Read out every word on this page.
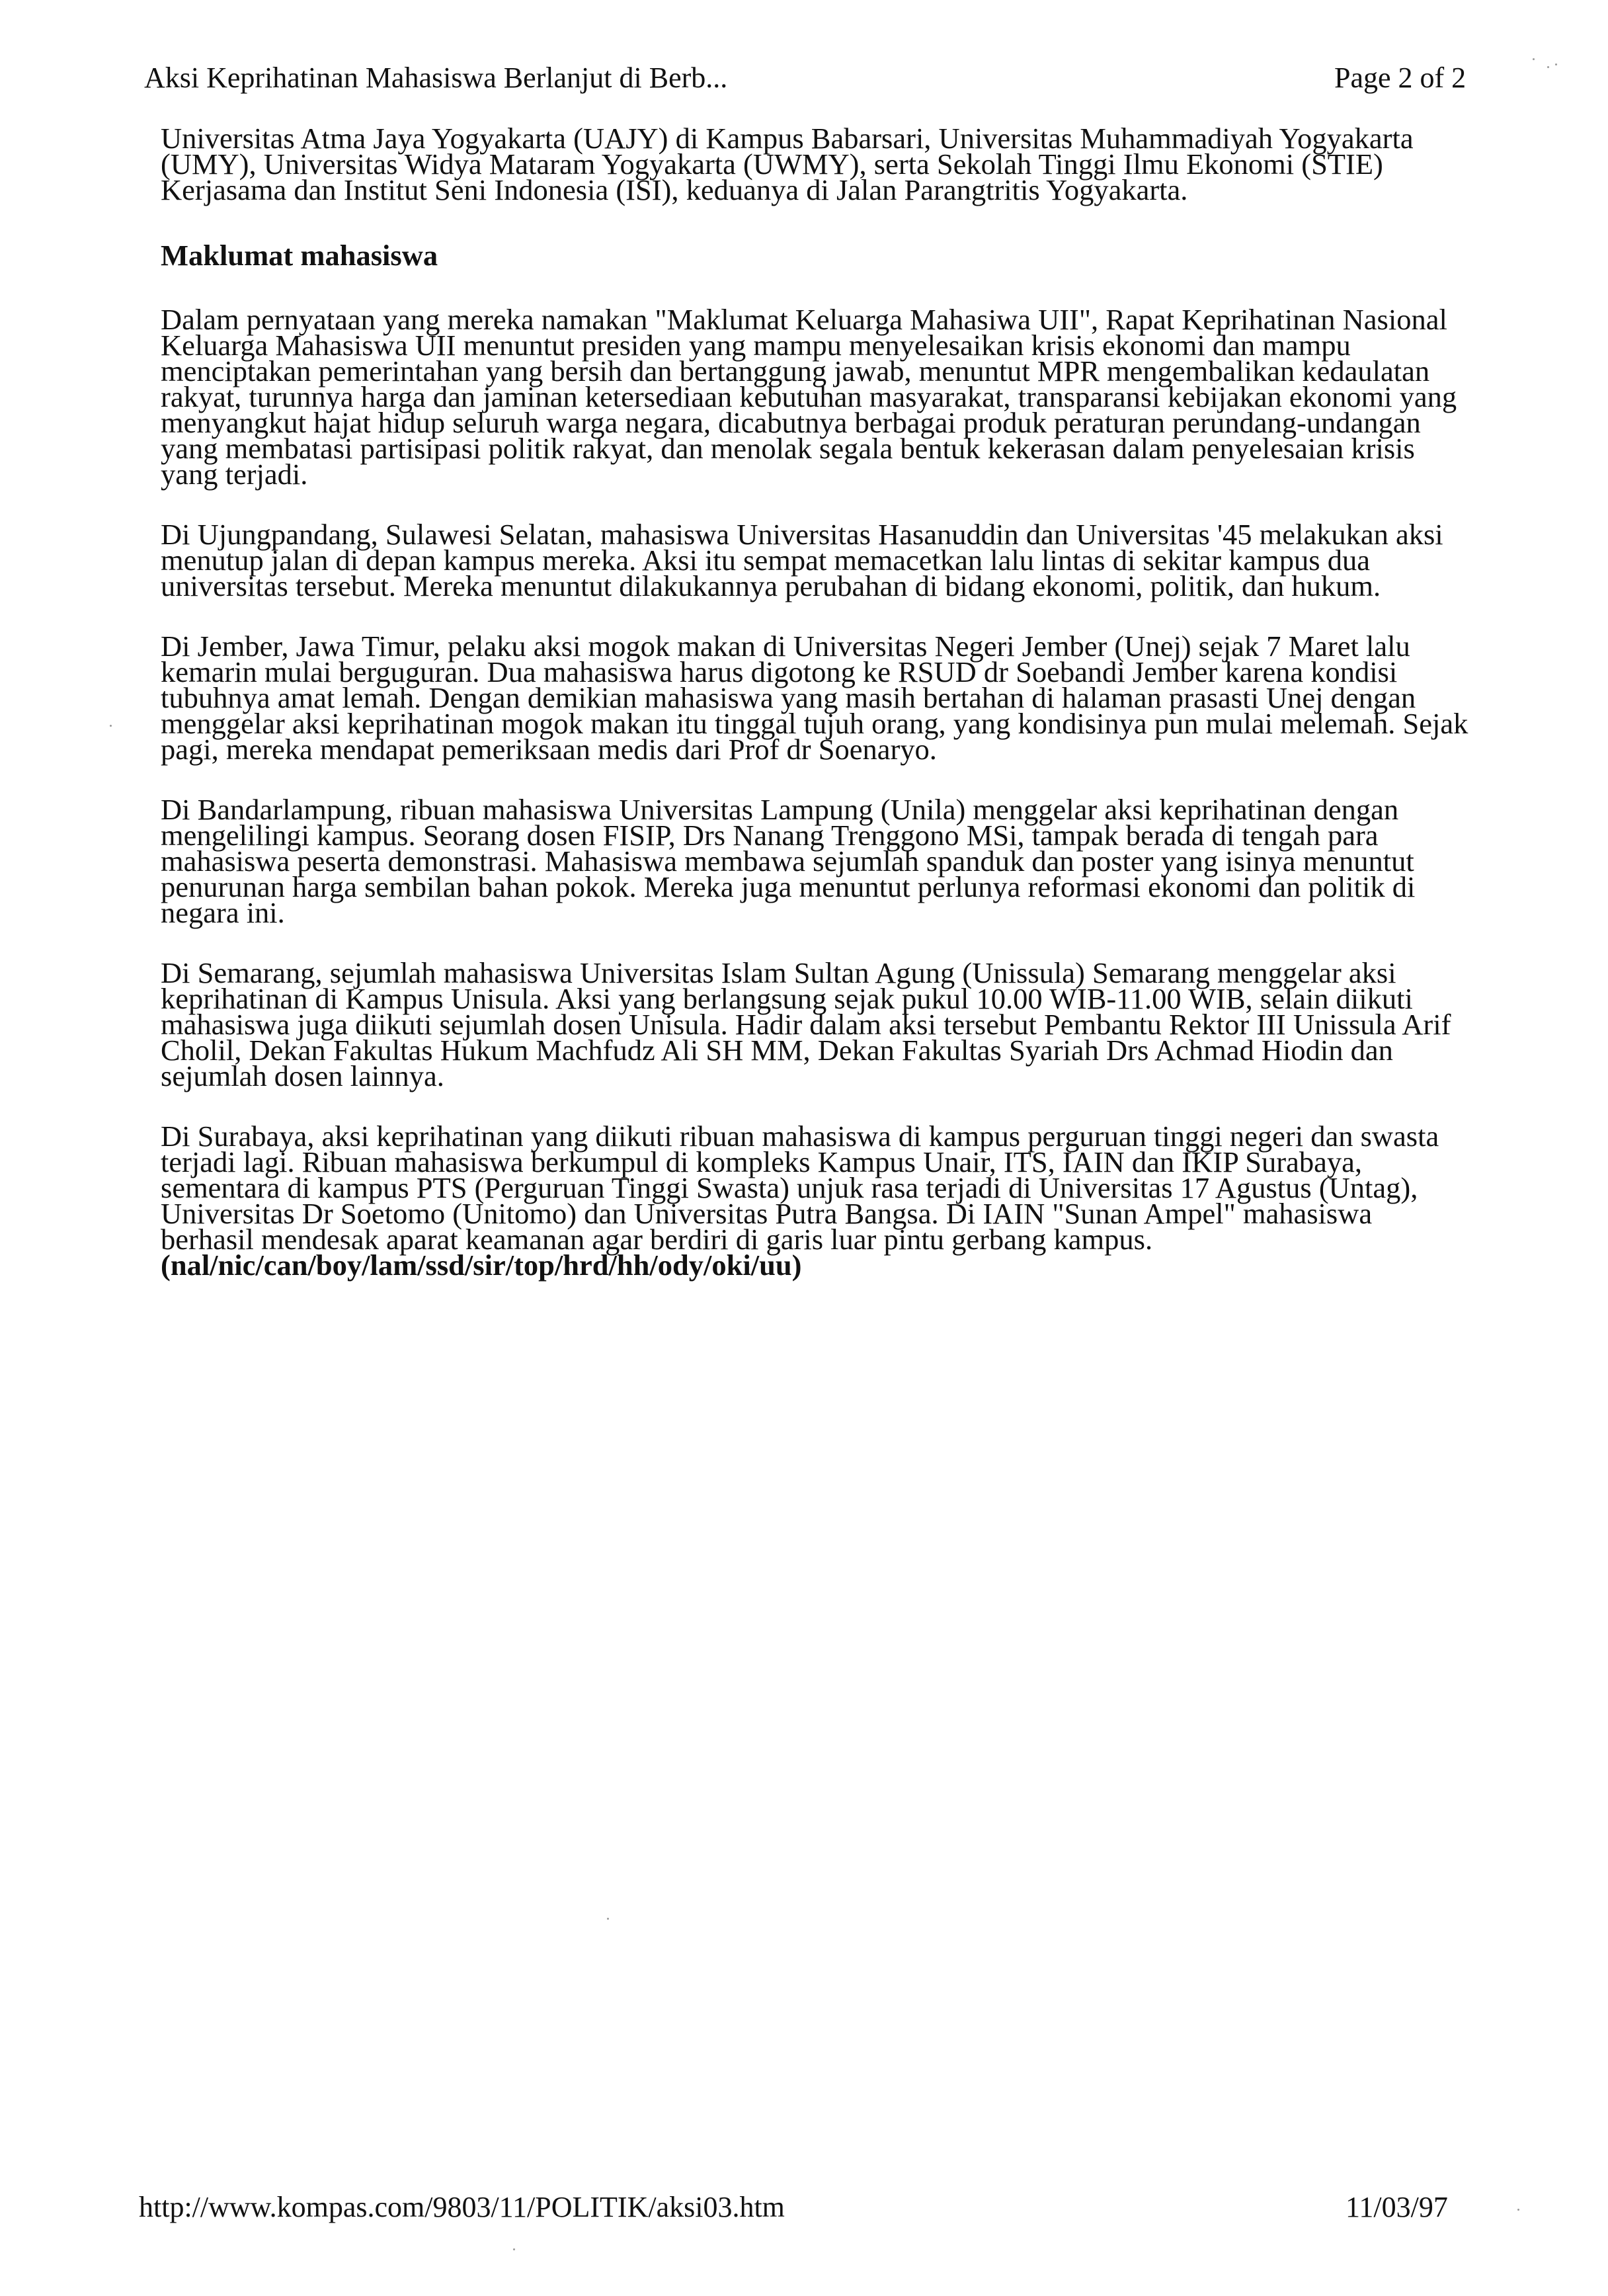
Aksi Keprihatinan Mahasiswa Berlanjut di Berb...	Page 2 of 2

Universitas Atma Jaya Yogyakarta (UAJY) di Kampus Babarsari, Universitas Muhammadiyah Yogyakarta (UMY), Universitas Widya Mataram Yogyakarta (UWMY), serta Sekolah Tinggi Ilmu Ekonomi (STIE) Kerjasama dan Institut Seni Indonesia (ISI), keduanya di Jalan Parangtritis Yogyakarta.

Maklumat mahasiswa

Dalam pernyataan yang mereka namakan "Maklumat Keluarga Mahasiwa UII", Rapat Keprihatinan Nasional Keluarga Mahasiswa UII menuntut presiden yang mampu menyelesaikan krisis ekonomi dan mampu menciptakan pemerintahan yang bersih dan bertanggung jawab, menuntut MPR mengembalikan kedaulatan rakyat, turunnya harga dan jaminan ketersediaan kebutuhan masyarakat, transparansi kebijakan ekonomi yang menyangkut hajat hidup seluruh warga negara, dicabutnya berbagai produk peraturan perundang-undangan yang membatasi partisipasi politik rakyat, dan menolak segala bentuk kekerasan dalam penyelesaian krisis yang terjadi.

Di Ujungpandang, Sulawesi Selatan, mahasiswa Universitas Hasanuddin dan Universitas '45 melakukan aksi menutup jalan di depan kampus mereka. Aksi itu sempat memacetkan lalu lintas di sekitar kampus dua universitas tersebut. Mereka menuntut dilakukannya perubahan di bidang ekonomi, politik, dan hukum.

Di Jember, Jawa Timur, pelaku aksi mogok makan di Universitas Negeri Jember (Unej) sejak 7 Maret lalu kemarin mulai berguguran. Dua mahasiswa harus digotong ke RSUD dr Soebandi Jember karena kondisi tubuhnya amat lemah. Dengan demikian mahasiswa yang masih bertahan di halaman prasasti Unej dengan menggelar aksi keprihatinan mogok makan itu tinggal tujuh orang, yang kondisinya pun mulai melemah. Sejak pagi, mereka mendapat pemeriksaan medis dari Prof dr Soenaryo.

Di Bandarlampung, ribuan mahasiswa Universitas Lampung (Unila) menggelar aksi keprihatinan dengan mengelilingi kampus. Seorang dosen FISIP, Drs Nanang Trenggono MSi, tampak berada di tengah para mahasiswa peserta demonstrasi. Mahasiswa membawa sejumlah spanduk dan poster yang isinya menuntut penurunan harga sembilan bahan pokok. Mereka juga menuntut perlunya reformasi ekonomi dan politik di negara ini.

Di Semarang, sejumlah mahasiswa Universitas Islam Sultan Agung (Unissula) Semarang menggelar aksi keprihatinan di Kampus Unisula. Aksi yang berlangsung sejak pukul 10.00 WIB-11.00 WIB, selain diikuti mahasiswa juga diikuti sejumlah dosen Unisula. Hadir dalam aksi tersebut Pembantu Rektor III Unissula Arif Cholil, Dekan Fakultas Hukum Machfudz Ali SH MM, Dekan Fakultas Syariah Drs Achmad Hiodin dan sejumlah dosen lainnya.

Di Surabaya, aksi keprihatinan yang diikuti ribuan mahasiswa di kampus perguruan tinggi negeri dan swasta terjadi lagi. Ribuan mahasiswa berkumpul di kompleks Kampus Unair, ITS, IAIN dan IKIP Surabaya, sementara di kampus PTS (Perguruan Tinggi Swasta) unjuk rasa terjadi di Universitas 17 Agustus (Untag), Universitas Dr Soetomo (Unitomo) dan Universitas Putra Bangsa. Di IAIN "Sunan Ampel" mahasiswa berhasil mendesak aparat keamanan agar berdiri di garis luar pintu gerbang kampus. (nal/nic/can/boy/lam/ssd/sir/top/hrd/hh/ody/oki/uu)

http://www.kompas.com/9803/11/POLITIK/aksi03.htm	11/03/97
